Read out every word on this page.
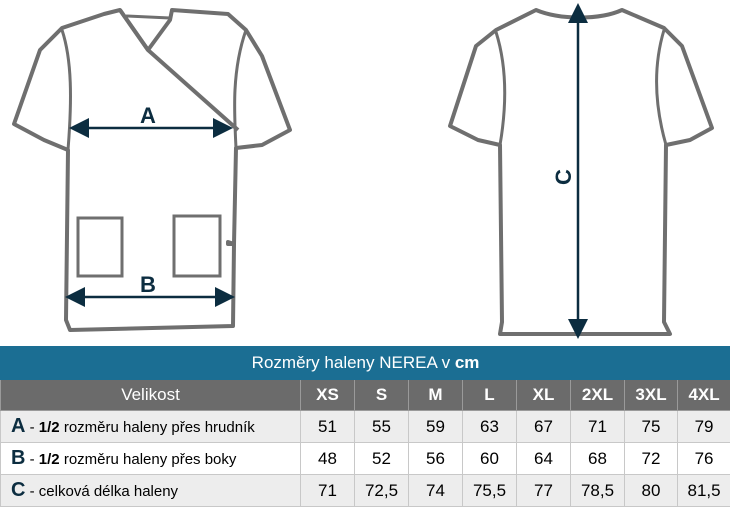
A
B
C
Rozměry haleny NEREA v cm								
Velikost	XS	S	M	L	XL	2XL	3XL	4XL
A - 1/2 rozměru haleny přes hrudník	51	55	59	63	67	71	75	79
B - 1/2 rozměru haleny přes boky	48	52	56	60	64	68	72	76
C - celková délka haleny	71	72,5	74	75,5	77	78,5	80	81,5
